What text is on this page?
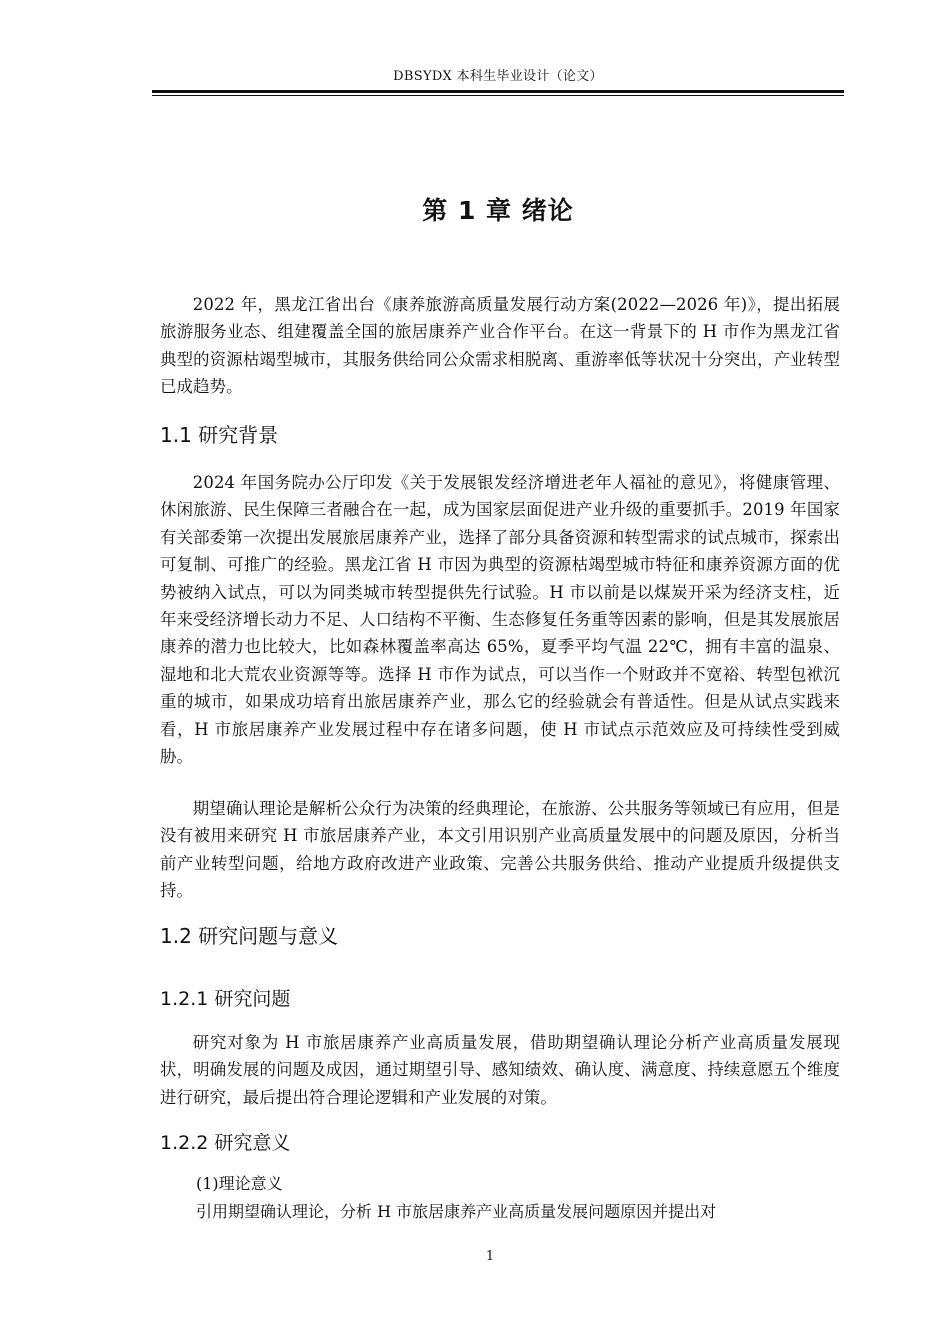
DBSYDX 本科生毕业设计（论文）
第 1 章 绪论
2022 年，黑龙江省出台《康养旅游高质量发展行动方案(2022—2026 年)》，提出拓展旅游服务业态、组建覆盖全国的旅居康养产业合作平台。在这一背景下的 H 市作为黑龙江省典型的资源枯竭型城市，其服务供给同公众需求相脱离、重游率低等状况十分突出，产业转型已成趋势。
1.1 研究背景
2024 年国务院办公厅印发《关于发展银发经济增进老年人福祉的意见》，将健康管理、休闲旅游、民生保障三者融合在一起，成为国家层面促进产业升级的重要抓手。2019 年国家有关部委第一次提出发展旅居康养产业，选择了部分具备资源和转型需求的试点城市，探索出可复制、可推广的经验。黑龙江省 H 市因为典型的资源枯竭型城市特征和康养资源方面的优势被纳入试点，可以为同类城市转型提供先行试验。H 市以前是以煤炭开采为经济支柱，近年来受经济增长动力不足、人口结构不平衡、生态修复任务重等因素的影响，但是其发展旅居康养的潜力也比较大，比如森林覆盖率高达 65%，夏季平均气温 22℃，拥有丰富的温泉、湿地和北大荒农业资源等等。选择 H 市作为试点，可以当作一个财政并不宽裕、转型包袱沉重的城市，如果成功培育出旅居康养产业，那么它的经验就会有普适性。但是从试点实践来看，H 市旅居康养产业发展过程中存在诸多问题，使 H 市试点示范效应及可持续性受到威胁。
期望确认理论是解析公众行为决策的经典理论，在旅游、公共服务等领域已有应用，但是没有被用来研究 H 市旅居康养产业，本文引用识别产业高质量发展中的问题及原因，分析当前产业转型问题，给地方政府改进产业政策、完善公共服务供给、推动产业提质升级提供支持。
1.2 研究问题与意义
1.2.1 研究问题
研究对象为 H 市旅居康养产业高质量发展，借助期望确认理论分析产业高质量发展现状，明确发展的问题及成因，通过期望引导、感知绩效、确认度、满意度、持续意愿五个维度进行研究，最后提出符合理论逻辑和产业发展的对策。
1.2.2 研究意义
(1)理论意义
引用期望确认理论，分析 H 市旅居康养产业高质量发展问题原因并提出对
1
